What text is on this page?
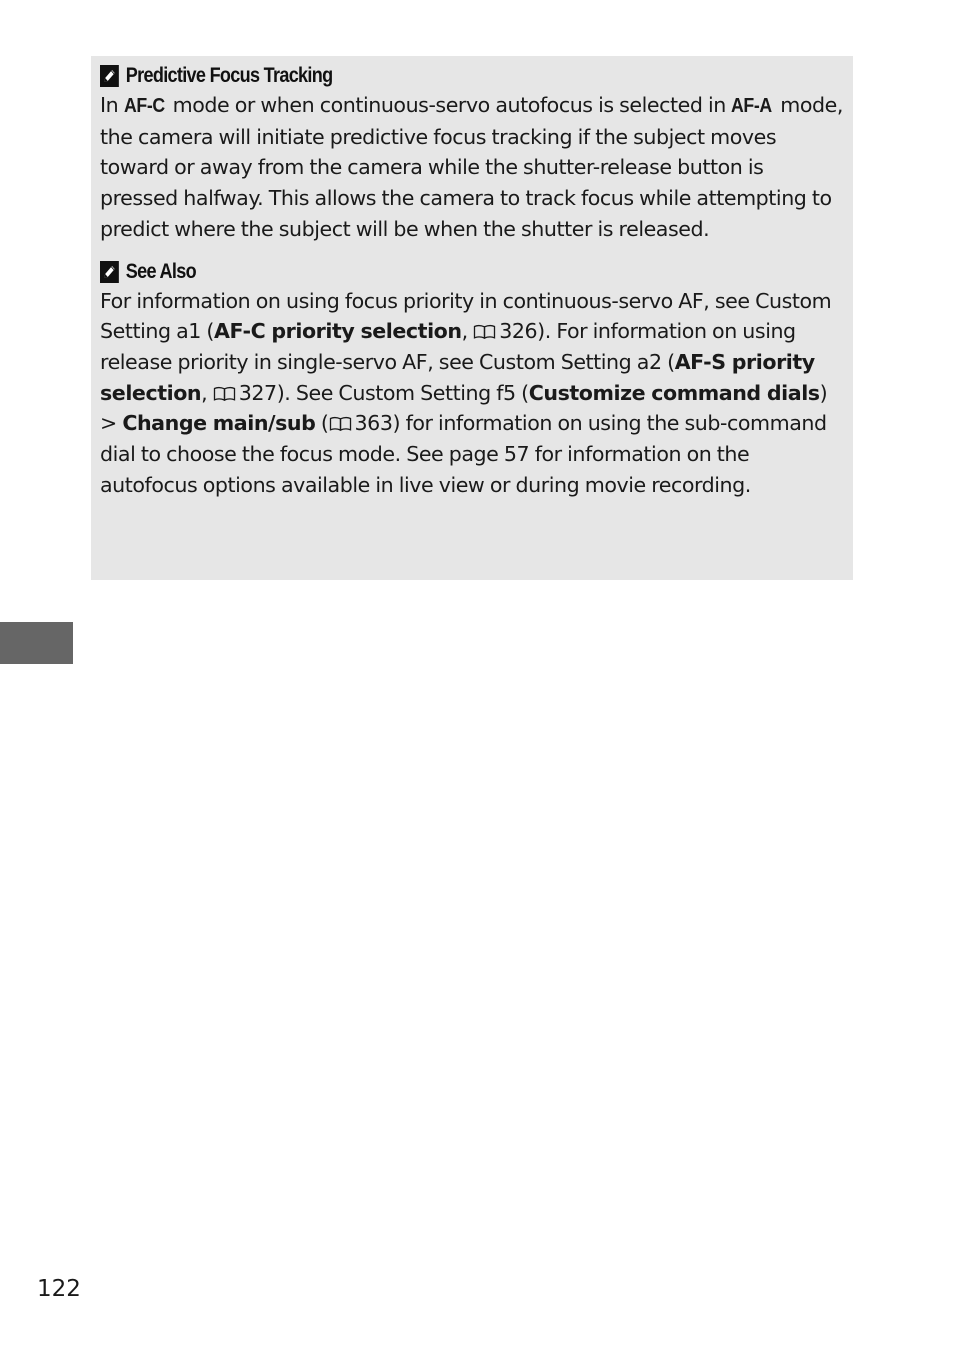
Predictive Focus Tracking

In AF-C mode or when continuous-servo autofocus is selected in AF-A mode, the camera will initiate predictive focus tracking if the subject moves toward or away from the camera while the shutter-release button is pressed halfway. This allows the camera to track focus while attempting to predict where the subject will be when the shutter is released.

See Also

For information on using focus priority in continuous-servo AF, see Custom Setting a1 (AF-C priority selection, 326). For information on using release priority in single-servo AF, see Custom Setting a2 (AF-S priority selection, 327). See Custom Setting f5 (Customize command dials) > Change main/sub ( 363) for information on using the sub-command dial to choose the focus mode. See page 57 for information on the autofocus options available in live view or during movie recording.

122
